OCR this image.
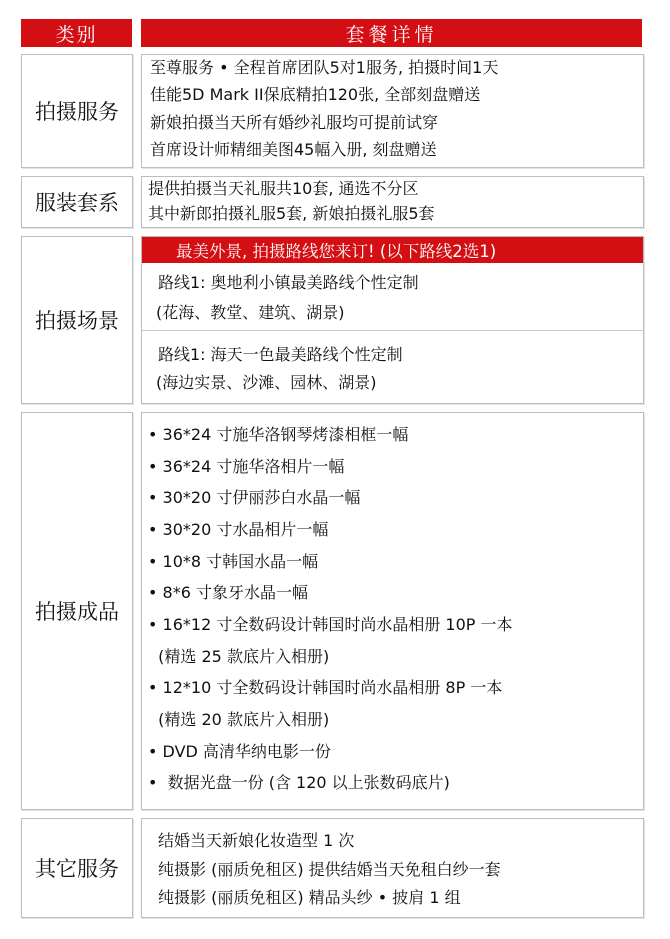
类别	套餐详情
拍摄服务
至尊服务 • 全程首席团队5对1服务, 拍摄时间1天
佳能5D Mark II保底精拍120张, 全部刻盘赠送
新娘拍摄当天所有婚纱礼服均可提前试穿
首席设计师精细美图45幅入册, 刻盘赠送
服装套系
提供拍摄当天礼服共10套, 通选不分区
其中新郎拍摄礼服5套, 新娘拍摄礼服5套
拍摄场景
最美外景, 拍摄路线您来订! (以下路线2选1)
路线1: 奥地利小镇最美路线个性定制
(花海、教堂、建筑、湖景)
路线1: 海天一色最美路线个性定制
(海边实景、沙滩、园林、湖景)
拍摄成品
• 36*24 寸施华洛钢琴烤漆相框一幅
• 36*24 寸施华洛相片一幅
• 30*20 寸伊丽莎白水晶一幅
• 30*20 寸水晶相片一幅
• 10*8 寸韩国水晶一幅
• 8*6 寸象牙水晶一幅
• 16*12 寸全数码设计韩国时尚水晶相册 10P 一本
(精选 25 款底片入相册)
• 12*10 寸全数码设计韩国时尚水晶相册 8P 一本
(精选 20 款底片入相册)
• DVD 高清华纳电影一份
•  数据光盘一份 (含 120 以上张数码底片)
其它服务
结婚当天新娘化妆造型 1 次
纯摄影 (丽质免租区) 提供结婚当天免租白纱一套
纯摄影 (丽质免租区) 精品头纱 • 披肩 1 组
